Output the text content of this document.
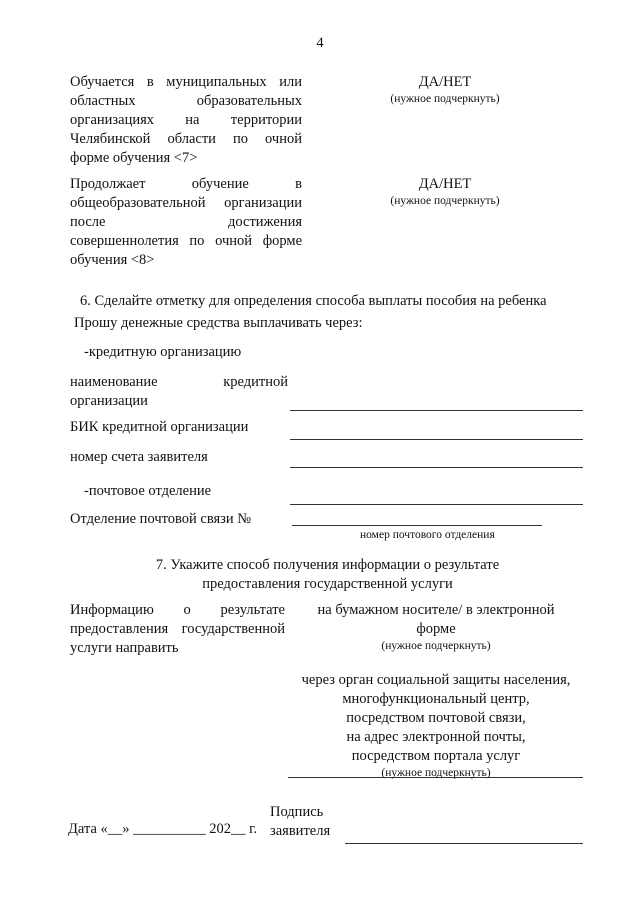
4
Обучается в муниципальных или
областных образовательных
организациях на территории
Челябинской области по очной
форме обучения <7>
ДА/НЕТ
(нужное подчеркнуть)
Продолжает обучение в
общеобразовательной организации
после достижения
совершеннолетия по очной форме
обучения <8>
ДА/НЕТ
(нужное подчеркнуть)
6. Сделайте отметку для определения способа выплаты пособия на ребенка
Прошу денежные средства выплачивать через:
-кредитную организацию
наименование кредитной
организации
БИК кредитной организации
номер счета заявителя
-почтовое отделение
Отделение почтовой связи №
номер почтового отделения
7. Укажите способ получения информации о результате
предоставления государственной услуги
Информацию о результате
предоставления государственной
услуги направить
на бумажном носителе/ в электронной
форме
(нужное подчеркнуть)
через орган социальной защиты населения,
многофункциональный центр,
посредством почтовой связи,
на адрес электронной почты,
посредством портала услуг
(нужное подчеркнуть)
Дата «__» __________ 202__ г.
Подпись
заявителя
